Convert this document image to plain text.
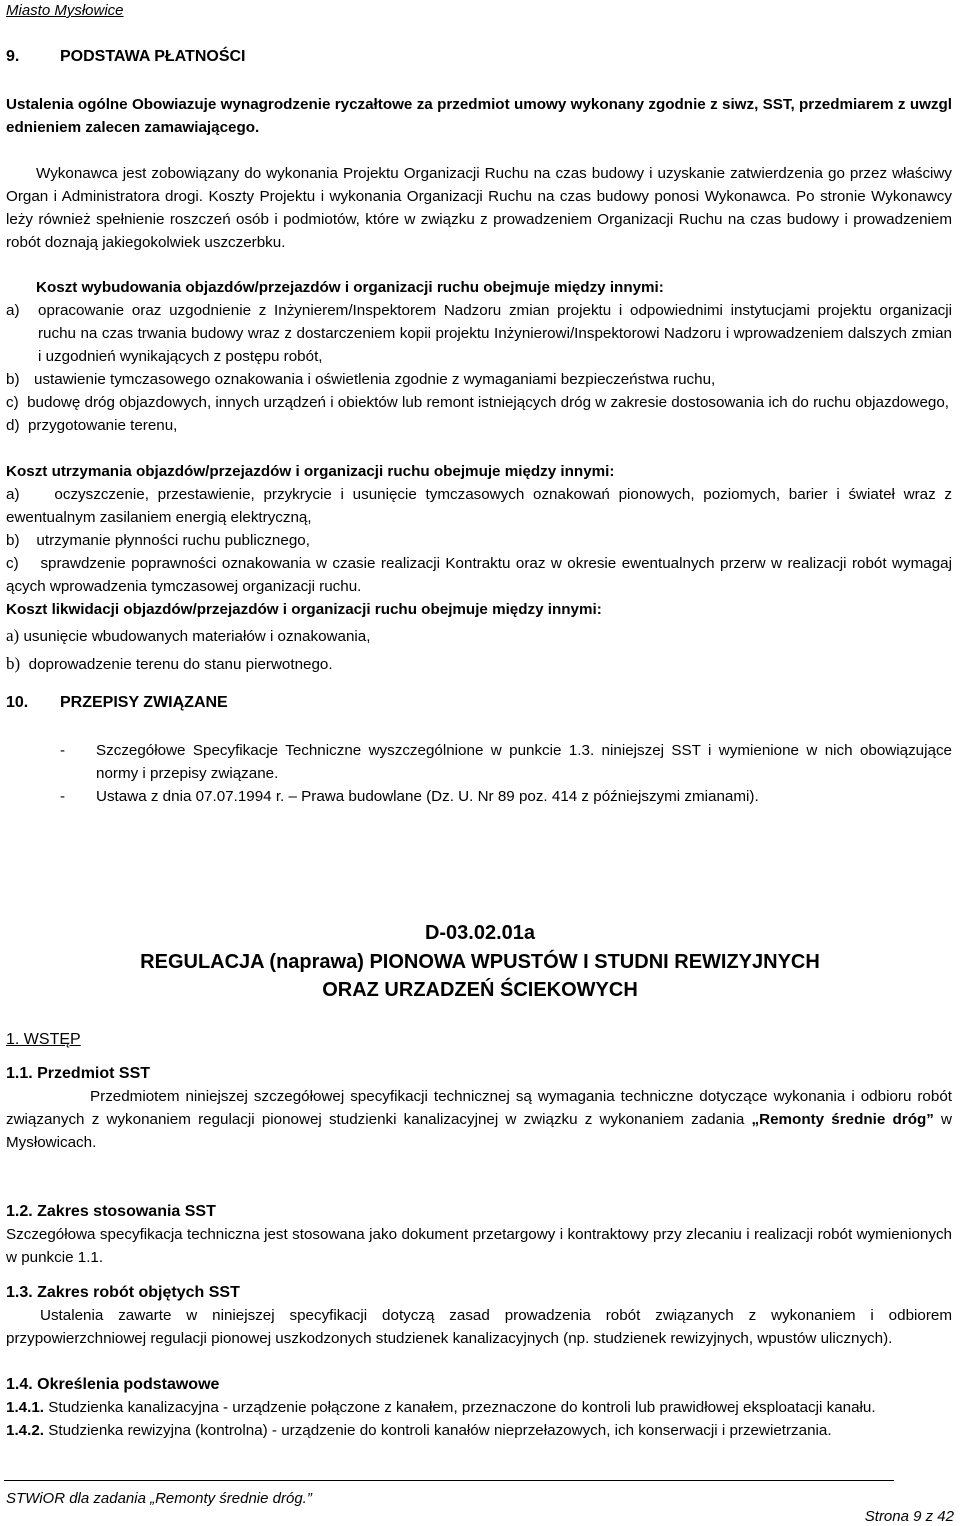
Miasto Mysłowice
9.	PODSTAWA PŁATNOŚCI
Ustalenia ogólne Obowiazuje wynagrodzenie ryczałtowe za przedmiot umowy wykonany zgodnie z siwz, SST, przedmiarem z uwzgl​ednieniem zalecen zamawiającego.
Wykonawca jest zobowiązany do wykonania Projektu Organizacji Ruchu na czas budowy i uzyskanie zatwierdzenia go przez właściwy Organ i Administratora drogi. Koszty Projektu i wykonania Organizacji Ruchu na czas budowy ponosi Wykonawca. Po stronie Wykonawcy leży również spełnienie roszczeń osób i podmiotów, które w związku z prowadzeniem Organizacji Ruchu na czas budowy i prowadzeniem robót doznają jakiegokolwiek uszczerbku.
Koszt wybudowania objazdów/przejazdów i organizacji ruchu obejmuje między innymi:
a)	opracowanie oraz uzgodnienie z Inżynierem/Inspektorem Nadzoru zmian projektu i odpowiednimi instytucjami projektu organizacji ruchu na czas trwania budowy wraz z dostarczeniem kopii projektu Inżynierowi/Inspektorowi Nadzoru i wprowadzeniem dalszych zmian i uzgodnień wynikających z postępu robót,
b) ustawienie tymczasowego oznakowania i oświetlenia zgodnie z wymaganiami bezpieczeństwa ruchu,
c) budowę dróg objazdowych, innych urządzeń i obiektów lub remont istniejących dróg w zakresie dostosowania ich do ruchu objazdowego,
d) przygotowanie terenu,
Koszt utrzymania objazdów/przejazdów i organizacji ruchu obejmuje między innymi:
a) oczyszczenie, przestawienie, przykrycie i usunięcie tymczasowych oznakowań pionowych, poziomych, barier i świateł wraz z ewentualnym zasilaniem energią elektryczną,
b) utrzymanie płynności ruchu publicznego,
c) sprawdzenie poprawności oznakowania w czasie realizacji Kontraktu oraz w okresie ewentualnych przerw w realizacji robót wymagaj ących wprowadzenia tymczasowej organizacji ruchu.
Koszt likwidacji objazdów/przejazdów i organizacji ruchu obejmuje między innymi:
a) usunięcie wbudowanych materiałów i oznakowania,
b) doprowadzenie terenu do stanu pierwotnego.
10. PRZEPISY ZWIĄZANE
-	Szczegółowe Specyfikacje Techniczne wyszczególnione w punkcie 1.3. niniejszej SST i wymienione w nich obowiązujące normy i przepisy związane.
-	Ustawa z dnia 07.07.1994 r. – Prawa budowlane (Dz. U. Nr 89 poz. 414 z późniejszymi zmianami).
D-03.02.01a
REGULACJA (naprawa) PIONOWA WPUSTÓW I STUDNI REWIZYJNYCH
ORAZ URZADZEŃ ŚCIEKOWYCH
1. WSTĘP
1.1. Przedmiot SST
Przedmiotem niniejszej szczegółowej specyfikacji technicznej są wymagania techniczne dotyczące wykonania i odbioru robót związanych z wykonaniem regulacji pionowej studzienki kanalizacyjnej w związku z wykonaniem zadania „Remonty średnie dróg” w Mysłowicach.
1.2. Zakres stosowania SST
Szczegółowa specyfikacja techniczna jest stosowana jako dokument przetargowy i kontraktowy przy zlecaniu i realizacji robót wymienionych w punkcie 1.1.
1.3. Zakres robót objętych SST
Ustalenia zawarte w niniejszej specyfikacji dotyczą zasad prowadzenia robót związanych z wykonaniem i odbiorem przypowierzchniowej regulacji pionowej uszkodzonych studzienek kanalizacyjnych (np. studzienek rewizyjnych, wpustów ulicznych).
1.4. Określenia podstawowe
1.4.1. Studzienka kanalizacyjna - urządzenie połączone z kanałem, przeznaczone do kontroli lub prawidłowej eksploatacji kanału.
1.4.2. Studzienka rewizyjna (kontrolna) - urządzenie do kontroli kanałów nieprzełazowych, ich konserwacji i przewietrzania.
STWiOR dla zadania „Remonty średnie dróg.”
Strona 9 z 42
